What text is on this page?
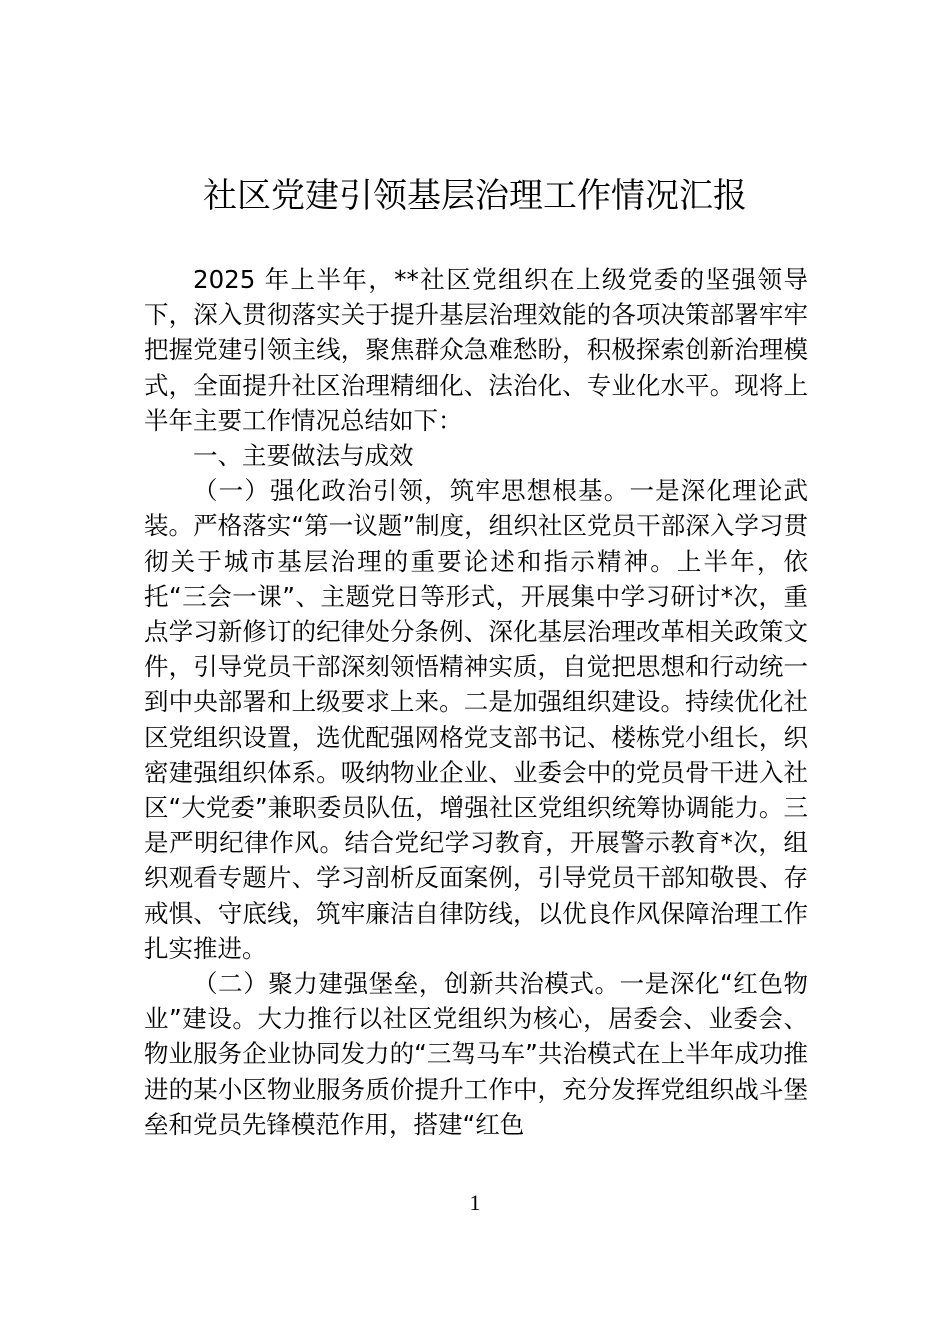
社区党建引领基层治理工作情况汇报

2025 年上半年，**社区党组织在上级党委的坚强领导下，深入贯彻落实关于提升基层治理效能的各项决策部署牢牢把握党建引领主线，聚焦群众急难愁盼，积极探索创新治理模式，全面提升社区治理精细化、法治化、专业化水平。现将上半年主要工作情况总结如下：

一、主要做法与成效

（一）强化政治引领，筑牢思想根基。一是深化理论武装。严格落实“第一议题”制度，组织社区党员干部深入学习贯彻关于城市基层治理的重要论述和指示精神。上半年，依托“三会一课”、主题党日等形式，开展集中学习研讨*次，重点学习新修订的纪律处分条例、深化基层治理改革相关政策文件，引导党员干部深刻领悟精神实质，自觉把思想和行动统一到中央部署和上级要求上来。二是加强组织建设。持续优化社区党组织设置，选优配强网格党支部书记、楼栋党小组长，织密建强组织体系。吸纳物业企业、业委会中的党员骨干进入社区“大党委”兼职委员队伍，增强社区党组织统筹协调能力。三是严明纪律作风。结合党纪学习教育，开展警示教育*次，组织观看专题片、学习剖析反面案例，引导党员干部知敬畏、存戒惧、守底线，筑牢廉洁自律防线，以优良作风保障治理工作扎实推进。

（二）聚力建强堡垒，创新共治模式。一是深化“红色物业”建设。大力推行以社区党组织为核心，居委会、业委会、物业服务企业协同发力的“三驾马车”共治模式在上半年成功推进的某小区物业服务质价提升工作中，充分发挥党组织战斗堡垒和党员先锋模范作用，搭建“红色

1
